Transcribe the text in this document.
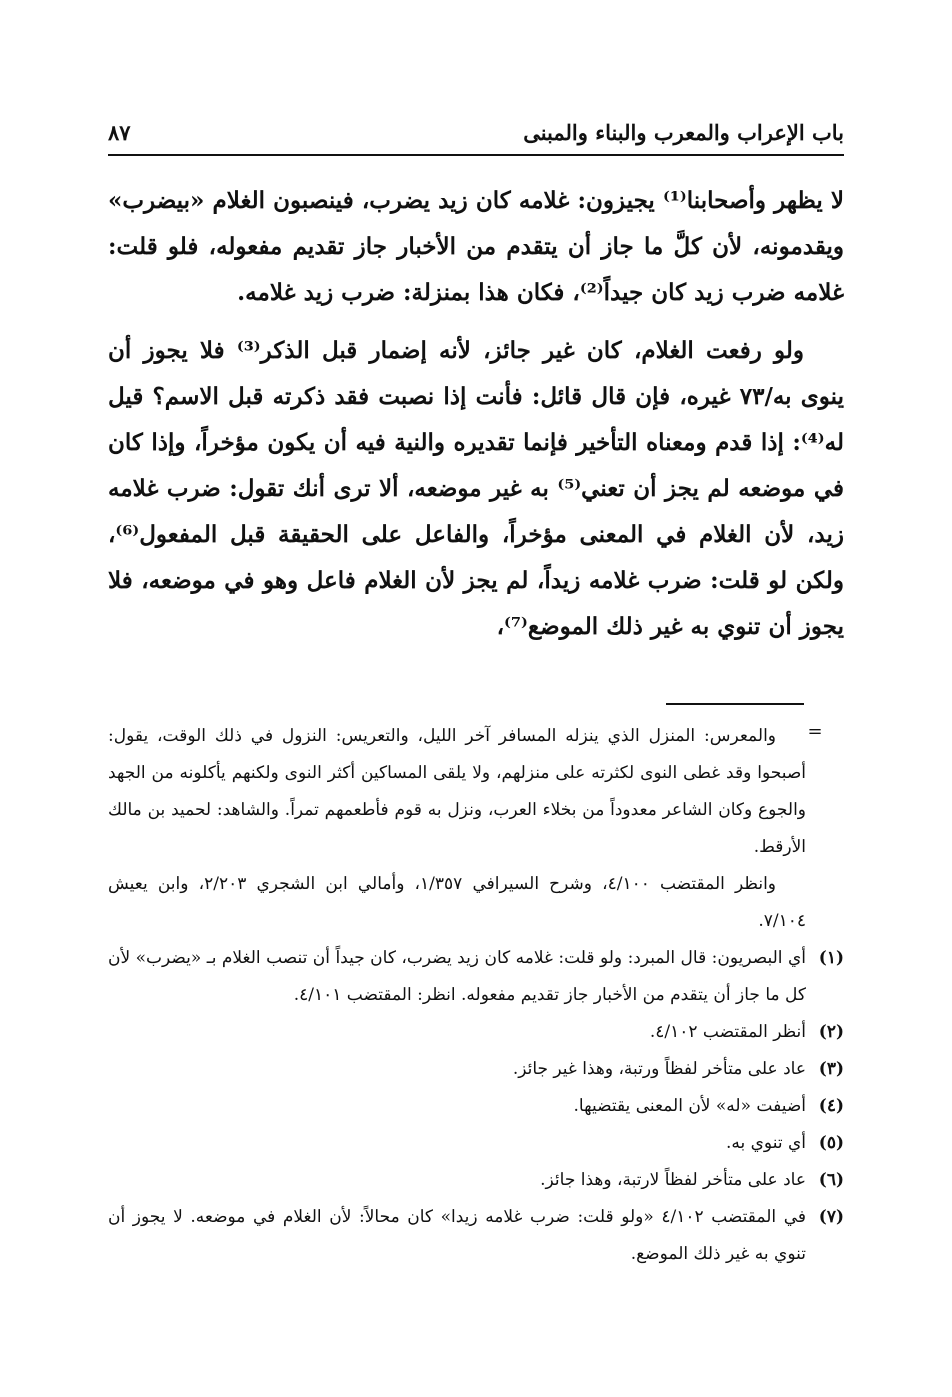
باب الإعراب والمعرب والبناء والمبنى
٨٧

لا يظهر وأصحابنا⁽¹⁾ يجيزون: غلامه كان زيد يضرب، فينصبون الغلام «بيضرب» ويقدمونه، لأن كلَّ ما جاز أن يتقدم من الأخبار جاز تقديم مفعوله، فلو قلت: غلامه ضرب زيد كان جيداً⁽²⁾، فكان هذا بمنزلة: ضرب زيد غلامه.

ولو رفعت الغلام، كان غير جائز، لأنه إضمار قبل الذكر⁽³⁾ فلا يجوز أن ينوى به/٧٣ غيره، فإن قال قائل: فأنت إذا نصبت فقد ذكرته قبل الاسم؟ قيل له⁽⁴⁾: إذا قدم ومعناه التأخير فإنما تقديره والنية فيه أن يكون مؤخراً، وإذا كان في موضعه لم يجز أن تعني⁽⁵⁾ به غير موضعه، ألا ترى أنك تقول: ضرب غلامه زيد، لأن الغلام في المعنى مؤخراً، والفاعل على الحقيقة قبل المفعول⁽⁶⁾، ولكن لو قلت: ضرب غلامه زيداً، لم يجز لأن الغلام فاعل وهو في موضعه، فلا يجوز أن تنوي به غير ذلك الموضع⁽⁷⁾،

=

والمعرس: المنزل الذي ينزله المسافر آخر الليل، والتعريس: النزول في ذلك الوقت، يقول: أصبحوا وقد غطى النوى لكثرته على منزلهم، ولا يلقى المساكين أكثر النوى ولكنهم يأكلونه من الجهد والجوع وكان الشاعر معدوداً من بخلاء العرب، ونزل به قوم فأطعمهم تمراً. والشاهد: لحميد بن مالك الأرقط.

وانظر المقتضب ٤/١٠٠، وشرح السيرافي ١/٣٥٧، وأمالي ابن الشجري ٢/٢٠٣، وابن يعيش ٧/١٠٤.

(١)
أي البصريون: قال المبرد: ولو قلت: غلامه كان زيد يضرب، كان جيداً أن تنصب الغلام بـ «يضرب» لأن كل ما جاز أن يتقدم من الأخبار جاز تقديم مفعوله. انظر: المقتضب ٤/١٠١.
(٢)
أنظر المقتضب ٤/١٠٢.
(٣)
عاد على متأخر لفظاً ورتبة، وهذا غير جائز.
(٤)
أضيفت «له» لأن المعنى يقتضيها.
(٥)
أي تنوي به.
(٦)
عاد على متأخر لفظاً لارتبة، وهذا جائز.
(٧)
في المقتضب ٤/١٠٢ «ولو قلت: ضرب غلامه زيدا» كان محالاً: لأن الغلام في موضعه. لا يجوز أن تنوي به غير ذلك الموضع.
